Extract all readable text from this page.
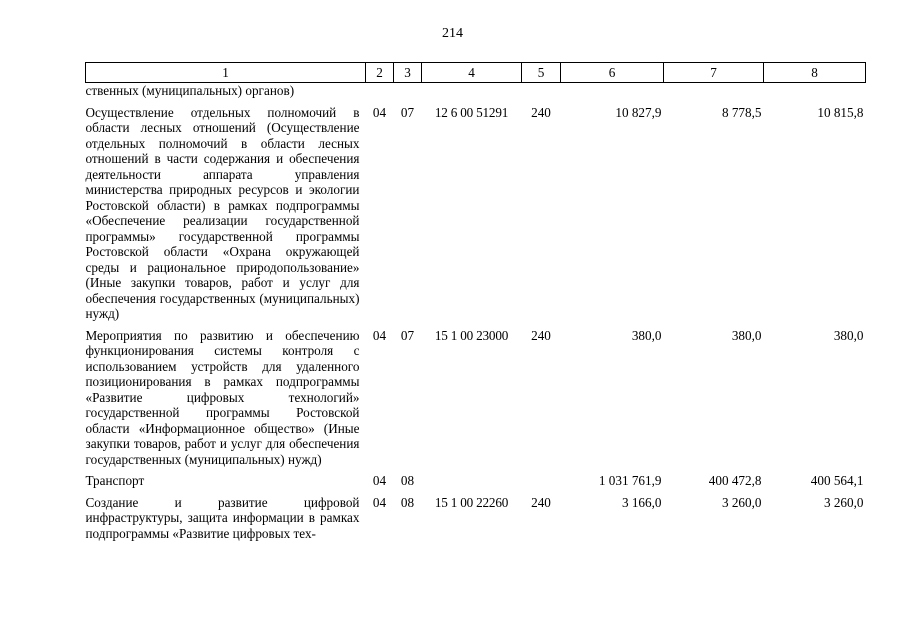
214
1	2	3	4	5	6	7	8
ственных (муниципальных) органов)							
Осуществление отдельных полномочий в области лесных отношений (Осуществление отдельных полномочий в области лесных отношений в части содержания и обеспечения деятельности аппарата управления министерства природных ресурсов и экологии Ростовской области) в рамках подпрограммы «Обеспечение реализации государственной программы» государственной программы Ростовской области «Охрана окружающей среды и рациональное природопользование» (Иные закупки товаров, работ и услуг для обеспечения государственных (муниципальных) нужд)	04	07	12 6 00 51291	240	10 827,9	8 778,5	10 815,8
Мероприятия по развитию и обеспечению функционирования системы контроля с использованием устройств для удаленного позиционирования в рамках подпрограммы «Развитие цифровых технологий» государственной программы Ростовской области «Информационное общество» (Иные закупки товаров, работ и услуг для обеспечения государственных (муниципальных) нужд)	04	07	15 1 00 23000	240	380,0	380,0	380,0
Транспорт	04	08			1 031 761,9	400 472,8	400 564,1
Создание и развитие цифровой инфраструктуры, защита информации в рамках подпрограммы «Развитие цифровых тех-	04	08	15 1 00 22260	240	3 166,0	3 260,0	3 260,0
